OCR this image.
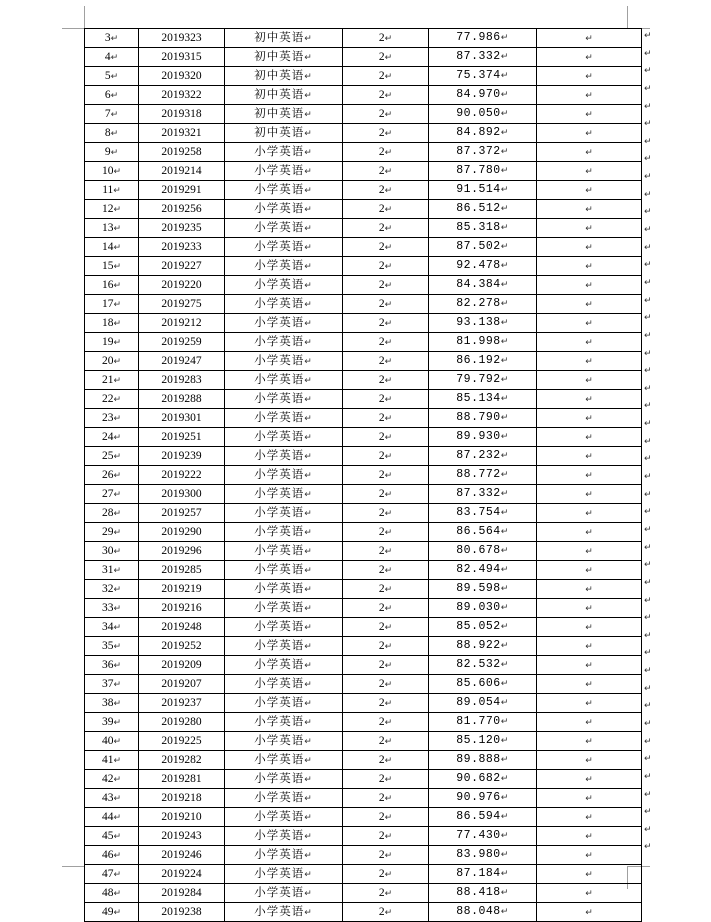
3↵	2019323	初中英语↵	2↵	77.986↵	↵
4↵	2019315	初中英语↵	2↵	87.332↵	↵
5↵	2019320	初中英语↵	2↵	75.374↵	↵
6↵	2019322	初中英语↵	2↵	84.970↵	↵
7↵	2019318	初中英语↵	2↵	90.050↵	↵
8↵	2019321	初中英语↵	2↵	84.892↵	↵
9↵	2019258	小学英语↵	2↵	87.372↵	↵
10↵	2019214	小学英语↵	2↵	87.780↵	↵
11↵	2019291	小学英语↵	2↵	91.514↵	↵
12↵	2019256	小学英语↵	2↵	86.512↵	↵
13↵	2019235	小学英语↵	2↵	85.318↵	↵
14↵	2019233	小学英语↵	2↵	87.502↵	↵
15↵	2019227	小学英语↵	2↵	92.478↵	↵
16↵	2019220	小学英语↵	2↵	84.384↵	↵
17↵	2019275	小学英语↵	2↵	82.278↵	↵
18↵	2019212	小学英语↵	2↵	93.138↵	↵
19↵	2019259	小学英语↵	2↵	81.998↵	↵
20↵	2019247	小学英语↵	2↵	86.192↵	↵
21↵	2019283	小学英语↵	2↵	79.792↵	↵
22↵	2019288	小学英语↵	2↵	85.134↵	↵
23↵	2019301	小学英语↵	2↵	88.790↵	↵
24↵	2019251	小学英语↵	2↵	89.930↵	↵
25↵	2019239	小学英语↵	2↵	87.232↵	↵
26↵	2019222	小学英语↵	2↵	88.772↵	↵
27↵	2019300	小学英语↵	2↵	87.332↵	↵
28↵	2019257	小学英语↵	2↵	83.754↵	↵
29↵	2019290	小学英语↵	2↵	86.564↵	↵
30↵	2019296	小学英语↵	2↵	80.678↵	↵
31↵	2019285	小学英语↵	2↵	82.494↵	↵
32↵	2019219	小学英语↵	2↵	89.598↵	↵
33↵	2019216	小学英语↵	2↵	89.030↵	↵
34↵	2019248	小学英语↵	2↵	85.052↵	↵
35↵	2019252	小学英语↵	2↵	88.922↵	↵
36↵	2019209	小学英语↵	2↵	82.532↵	↵
37↵	2019207	小学英语↵	2↵	85.606↵	↵
38↵	2019237	小学英语↵	2↵	89.054↵	↵
39↵	2019280	小学英语↵	2↵	81.770↵	↵
40↵	2019225	小学英语↵	2↵	85.120↵	↵
41↵	2019282	小学英语↵	2↵	89.888↵	↵
42↵	2019281	小学英语↵	2↵	90.682↵	↵
43↵	2019218	小学英语↵	2↵	90.976↵	↵
44↵	2019210	小学英语↵	2↵	86.594↵	↵
45↵	2019243	小学英语↵	2↵	77.430↵	↵
46↵	2019246	小学英语↵	2↵	83.980↵	↵
47↵	2019224	小学英语↵	2↵	87.184↵	↵
48↵	2019284	小学英语↵	2↵	88.418↵	↵
49↵	2019238	小学英语↵	2↵	88.048↵	↵
↵
↵
↵
↵
↵
↵
↵
↵
↵
↵
↵
↵
↵
↵
↵
↵
↵
↵
↵
↵
↵
↵
↵
↵
↵
↵
↵
↵
↵
↵
↵
↵
↵
↵
↵
↵
↵
↵
↵
↵
↵
↵
↵
↵
↵
↵
↵
